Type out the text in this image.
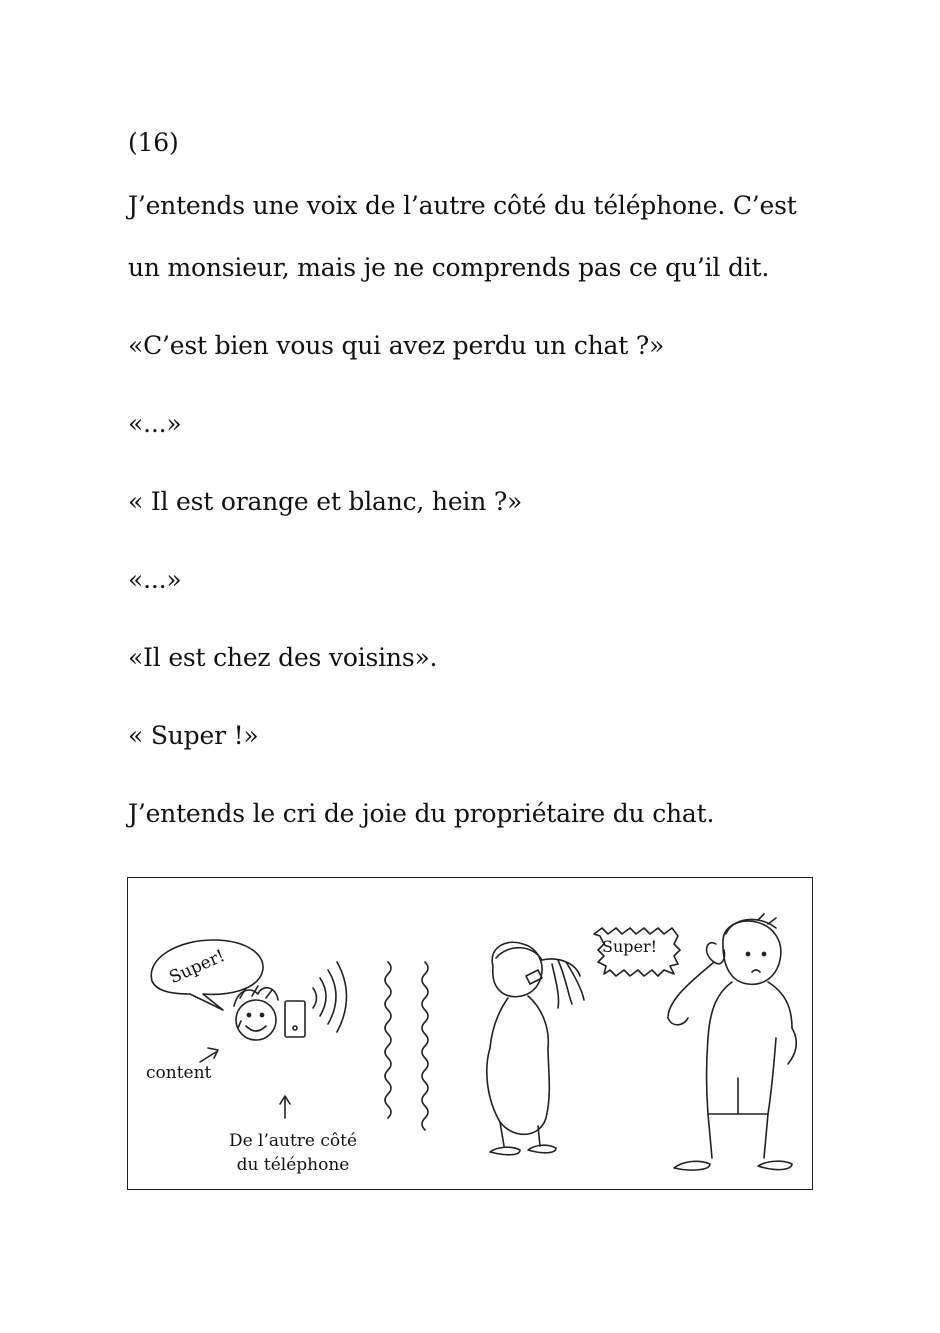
(16)

J’entends une voix de l’autre côté du téléphone. C’est

un monsieur, mais je ne comprends pas ce qu’il dit.

«C’est bien vous qui avez perdu un chat ?»

«...»

« Il est orange et blanc, hein ?»

«...»

«Il est chez des voisins».

« Super !»

J’entends le cri de joie du propriétaire du chat.

Super!	Super!
content
De l’autre côté
du téléphone
